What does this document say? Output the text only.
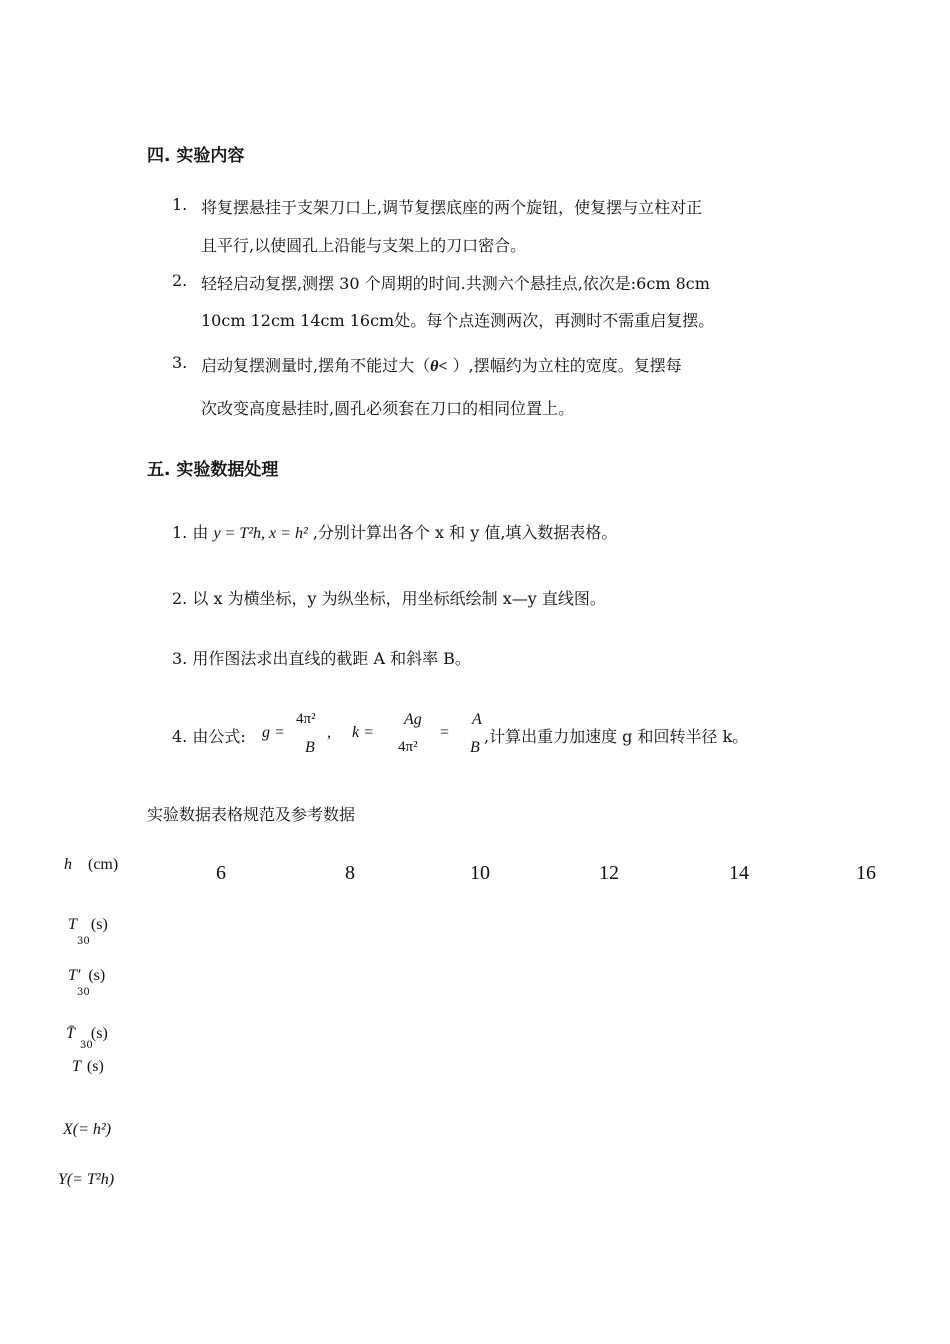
四. 实验内容
1. 将复摆悬挂于支架刀口上,调节复摆底座的两个旋钮，使复摆与立柱对正
且平行,以使圆孔上沿能与支架上的刀口密合。
2. 轻轻启动复摆,测摆 30 个周期的时间.共测六个悬挂点,依次是:6cm 8cm
10cm 12cm 14cm 16cm处。每个点连测两次，再测时不需重启复摆。
3. 启动复摆测量时,摆角不能过大（θ< ）,摆幅约为立柱的宽度。复摆每
次改变高度悬挂时,圆孔必须套在刀口的相同位置上。
五. 实验数据处理
1. 由 y = T²h, x = h² ,分别计算出各个 x 和 y 值,填入数据表格。
2. 以 x 为横坐标，y 为纵坐标，用坐标纸绘制 x—y 直线图。
3. 用作图法求出直线的截距 A 和斜率 B。
4. 由公式: g =
4π²
B
, k =
Ag
4π²
=
A
B
,计算出重力加速度 g 和回转半径 k。
实验数据表格规范及参考数据
h (cm)	6	8	10	12	14	16
T (s)
30
T' (s)
30
T̄ (s)
30
T (s)
X(= h²)
Y(= T²h)
